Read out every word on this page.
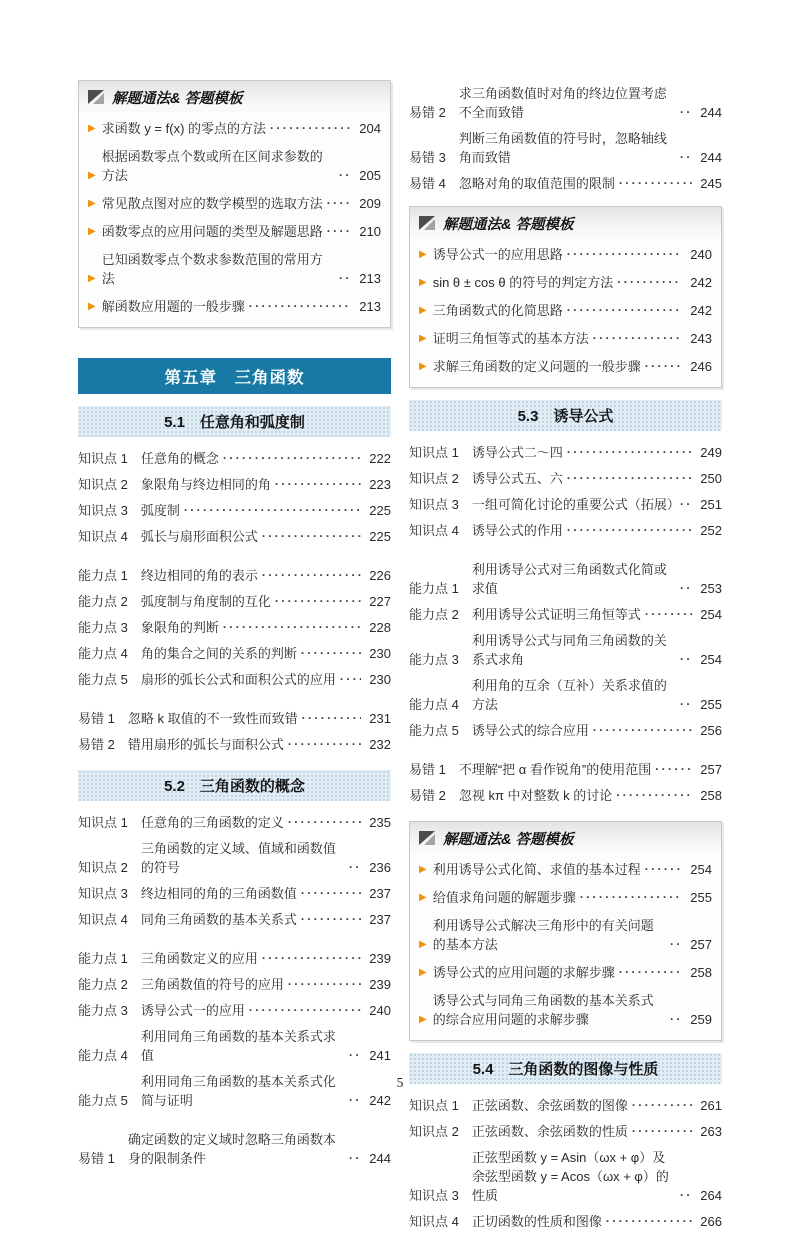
解题通法& 答题模板
▶ 求函数 y = f(x) 的零点的方法 ·····	204
▶
根据函数零点个数或所在区间求参数的方法 ·····	205
▶ 常见散点图对应的数学模型的选取方法 ·····	209
▶ 函数零点的应用问题的类型及解题思路 ·····	210
▶
已知函数零点个数求参数范围的常用方法 ·····	213
▶ 解函数应用题的一般步骤 ·····	213
第五章　三角函数
5.1　任意角和弧度制
知识点 1 任意角的概念 ·····	222
知识点 2 象限角与终边相同的角 ·····	223
知识点 3 弧度制 ·····	225
知识点 4 弧长与扇形面积公式 ·····	225
能力点 1 终边相同的角的表示 ·····	226
能力点 2 弧度制与角度制的互化 ·····	227
能力点 3 象限角的判断 ·····	228
能力点 4 角的集合之间的关系的判断 ·····	230
能力点 5 扇形的弧长公式和面积公式的应用 ·····	230
易错 1 忽略 k 取值的不一致性而致错 ·····	231
易错 2 错用扇形的弧长与面积公式 ·····	232
5.2　三角函数的概念
知识点 1 任意角的三角函数的定义 ·····	235
知识点 2
三角函数的定义域、值域和函数值的符号 ·····	236
知识点 3 终边相同的角的三角函数值 ·····	237
知识点 4 同角三角函数的基本关系式 ·····	237
能力点 1 三角函数定义的应用 ·····	239
能力点 2 三角函数值的符号的应用 ·····	239
能力点 3 诱导公式一的应用 ·····	240
能力点 4
利用同角三角函数的基本关系式求值 ·····	241
能力点 5
利用同角三角函数的基本关系式化简与证明 ·····	242
易错 1
确定函数的定义域时忽略三角函数本身的限制条件 ·····	244
易错 2
求三角函数值时对角的终边位置考虑不全而致错 ·····	244
易错 3
判断三角函数值的符号时，忽略轴线角而致错 ·····	244
易错 4 忽略对角的取值范围的限制 ·····	245
解题通法& 答题模板
▶ 诱导公式一的应用思路 ·····	240
▶ sin θ ± cos θ 的符号的判定方法 ·····	242
▶ 三角函数式的化简思路 ·····	242
▶ 证明三角恒等式的基本方法 ·····	243
▶ 求解三角函数的定义问题的一般步骤 ·····	246
5.3　诱导公式
知识点 1 诱导公式二～四 ·····	249
知识点 2 诱导公式五、六 ·····	250
知识点 3 一组可简化讨论的重要公式（拓展） ·····	251
知识点 4 诱导公式的作用 ·····	252
能力点 1
利用诱导公式对三角函数式化简或求值 ·····	253
能力点 2 利用诱导公式证明三角恒等式 ·····	254
能力点 3
利用诱导公式与同角三角函数的关系式求角 ·····	254
能力点 4
利用角的互余（互补）关系求值的方法 ·····	255
能力点 5 诱导公式的综合应用 ·····	256
易错 1 不理解“把 α 看作锐角”的使用范围 ·····	257
易错 2 忽视 kπ 中对整数 k 的讨论 ·····	258
解题通法& 答题模板
▶ 利用诱导公式化简、求值的基本过程 ·····	254
▶ 给值求角问题的解题步骤 ·····	255
▶
利用诱导公式解决三角形中的有关问题的基本方法 ·····	257
▶ 诱导公式的应用问题的求解步骤 ·····	258
▶
诱导公式与同角三角函数的基本关系式的综合应用问题的求解步骤 ·····	259
5.4　三角函数的图像与性质
知识点 1 正弦函数、余弦函数的图像 ·····	261
知识点 2 正弦函数、余弦函数的性质 ·····	263
知识点 3
正弦型函数 y = Asin（ωx + φ）及余弦型函数 y = Acos（ωx + φ）的性质 ·····	264
知识点 4 正切函数的性质和图像 ·····	266
5
